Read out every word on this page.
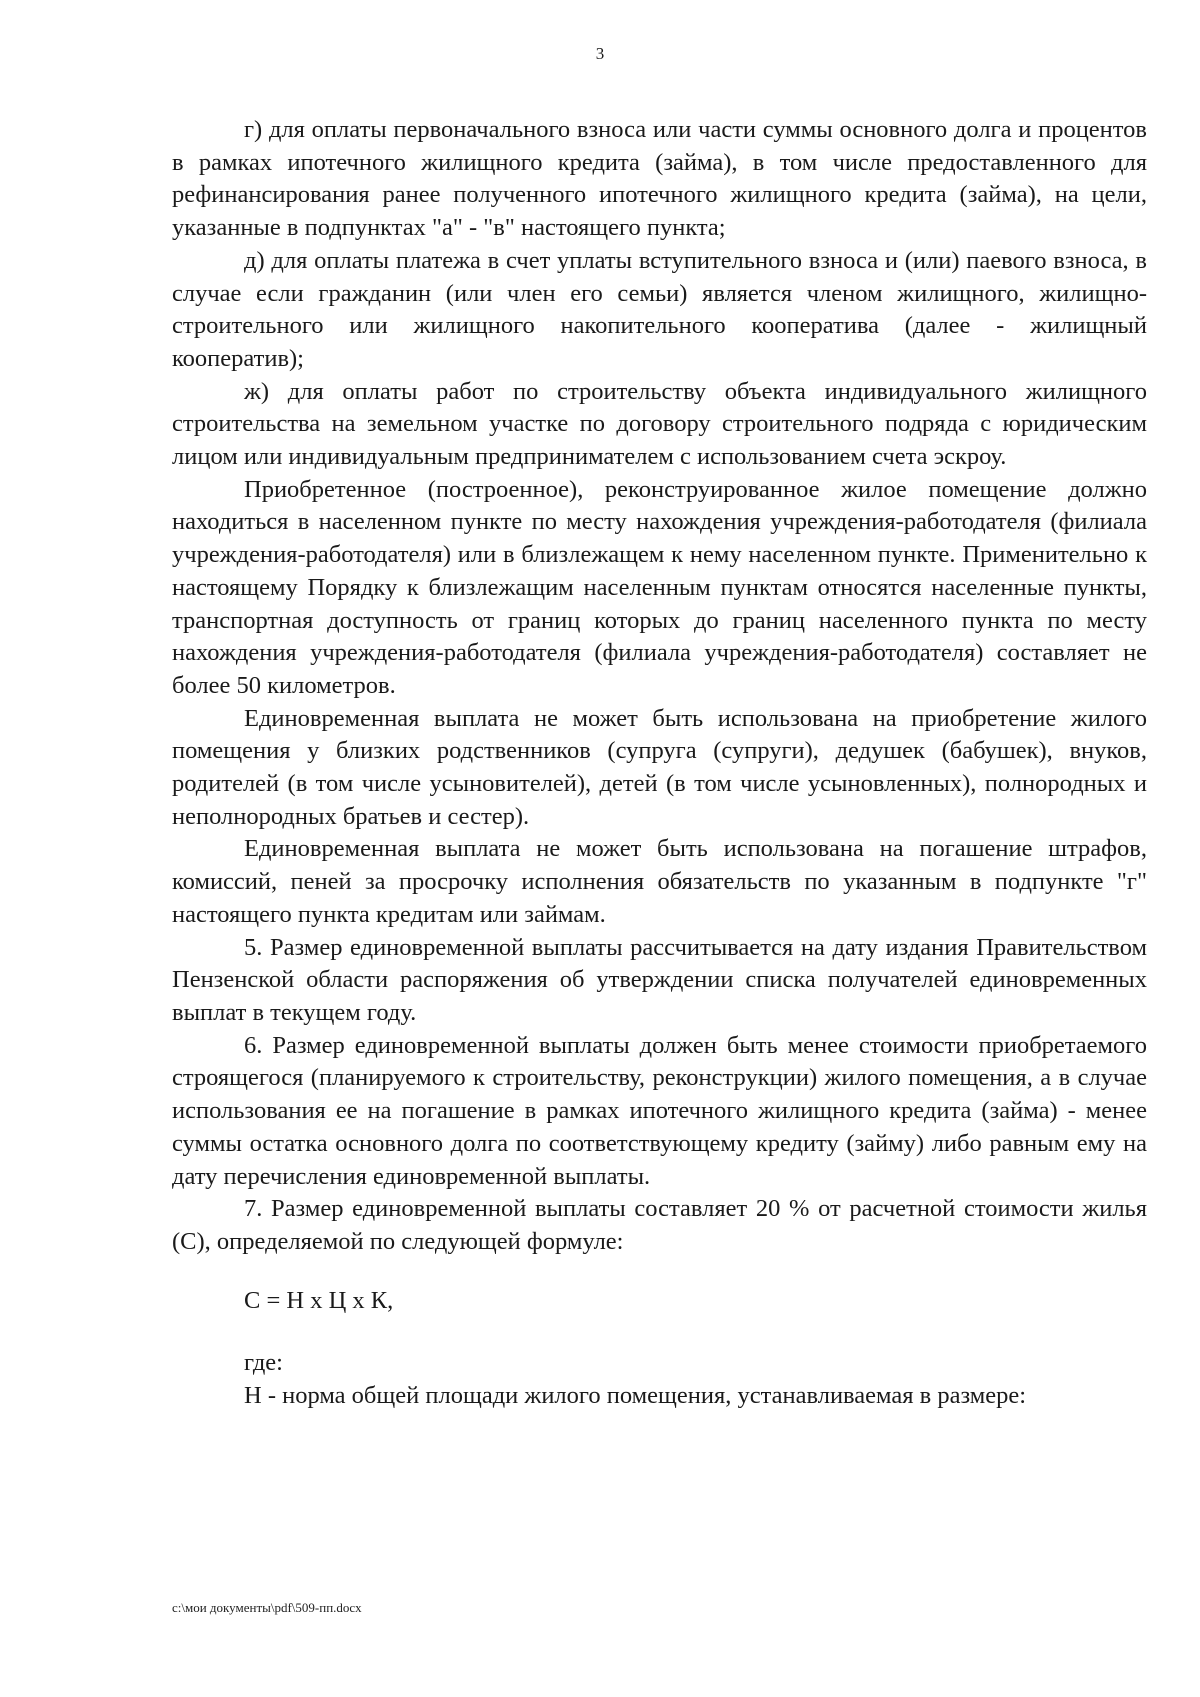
3

г) для оплаты первоначального взноса или части суммы основного долга и процентов в рамках ипотечного жилищного кредита (займа), в том числе предоставленного для рефинансирования ранее полученного ипотечного жилищного кредита (займа), на цели, указанные в подпунктах "а" - "в" настоящего пункта;

д) для оплаты платежа в счет уплаты вступительного взноса и (или) паевого взноса, в случае если гражданин (или член его семьи) является членом жилищного, жилищно-строительного или жилищного накопительного кооператива (далее - жилищный кооператив);

ж) для оплаты работ по строительству объекта индивидуального жилищного строительства на земельном участке по договору строительного подряда с юридическим лицом или индивидуальным предпринимателем с использованием счета эскроу.

Приобретенное (построенное), реконструированное жилое помещение должно находиться в населенном пункте по месту нахождения учреждения-работодателя (филиала учреждения-работодателя) или в близлежащем к нему населенном пункте. Применительно к настоящему Порядку к близлежащим населенным пунктам относятся населенные пункты, транспортная доступность от границ которых до границ населенного пункта по месту нахождения учреждения-работодателя (филиала учреждения-работодателя) составляет не более 50 километров.

Единовременная выплата не может быть использована на приобретение жилого помещения у близких родственников (супруга (супруги), дедушек (бабушек), внуков, родителей (в том числе усыновителей), детей (в том числе усыновленных), полнородных и неполнородных братьев и сестер).

Единовременная выплата не может быть использована на погашение штрафов, комиссий, пеней за просрочку исполнения обязательств по указанным в подпункте "г" настоящего пункта кредитам или займам.

5. Размер единовременной выплаты рассчитывается на дату издания Правительством Пензенской области распоряжения об утверждении списка получателей единовременных выплат в текущем году.

6. Размер единовременной выплаты должен быть менее стоимости приобретаемого строящегося (планируемого к строительству, реконструкции) жилого помещения, а в случае использования ее на погашение в рамках ипотечного жилищного кредита (займа) - менее суммы остатка основного долга по соответствующему кредиту (займу) либо равным ему на дату перечисления единовременной выплаты.

7. Размер единовременной выплаты составляет 20 % от расчетной стоимости жилья (С), определяемой по следующей формуле:

С = Н x Ц x К,

где:

Н - норма общей площади жилого помещения, устанавливаемая в размере:

c:\мои документы\pdf\509-пп.docx
